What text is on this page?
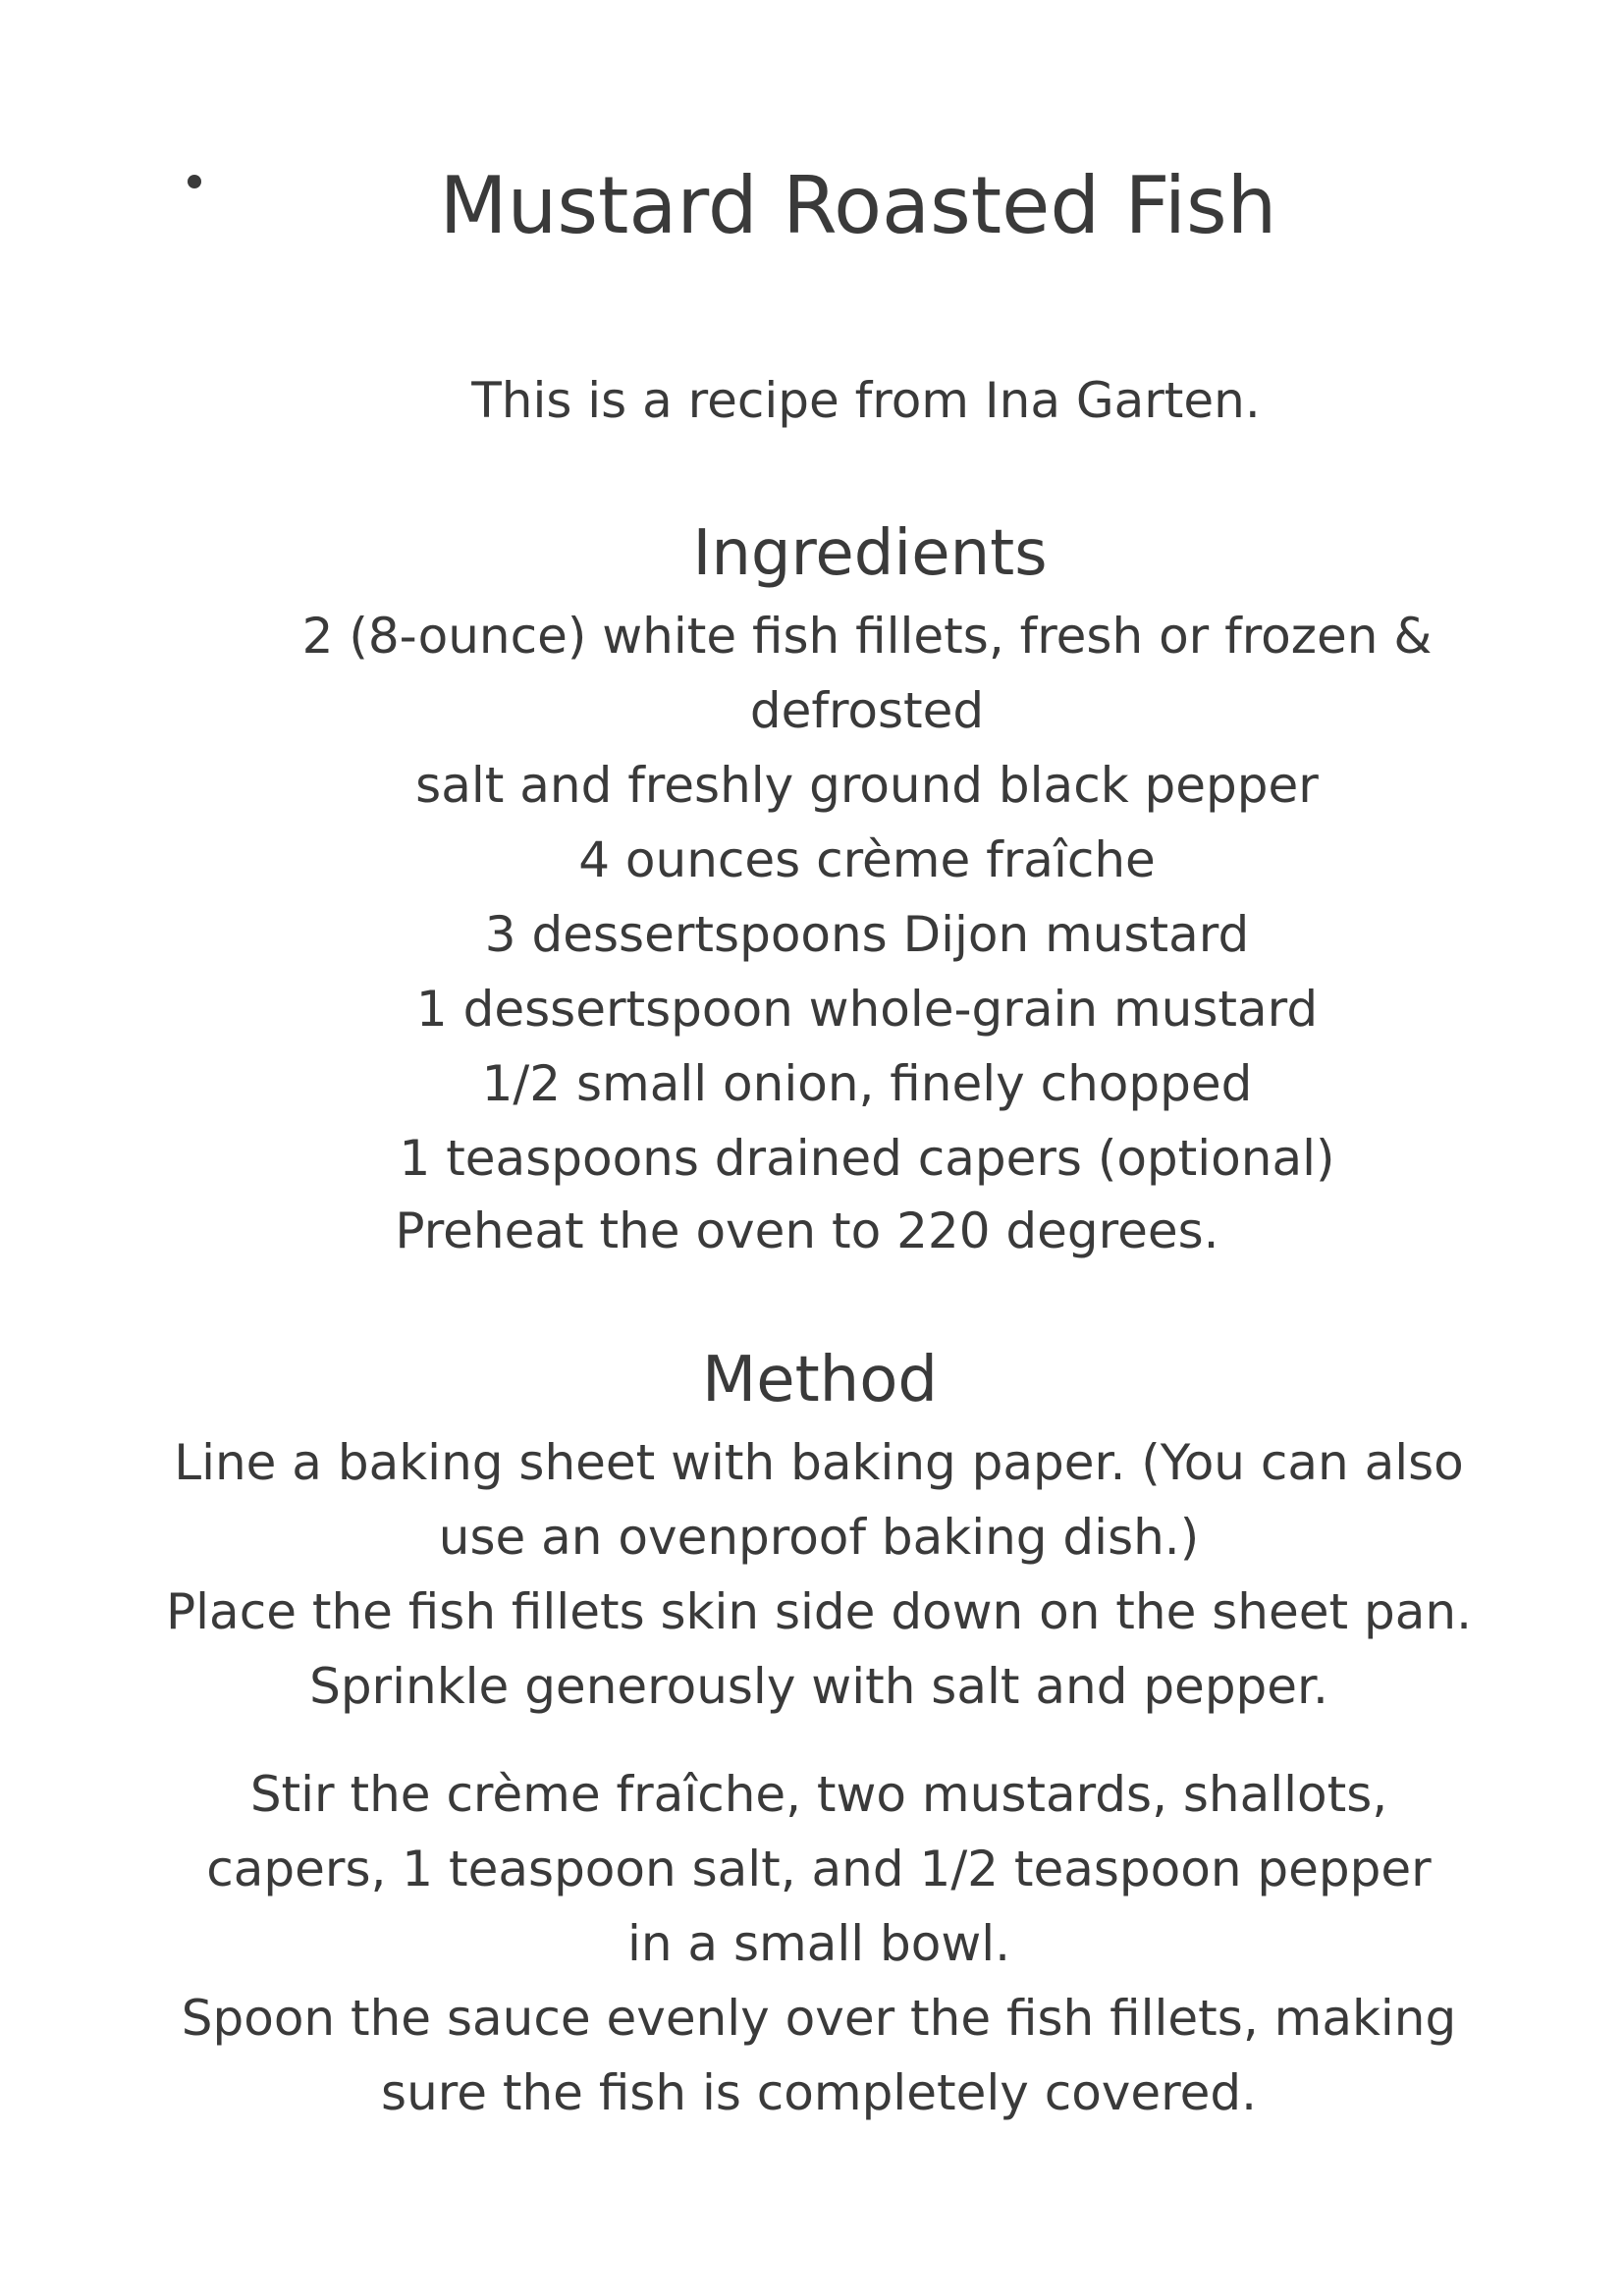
Mustard Roasted Fish
This is a recipe from Ina Garten.
Ingredients
2 (8-ounce) white fish fillets, fresh or frozen &
defrosted
salt and freshly ground black pepper
4 ounces crème fraîche
3 dessertspoons Dijon mustard
1 dessertspoon whole-grain mustard
1/2 small onion, finely chopped
1 teaspoons drained capers (optional)
Preheat the oven to 220 degrees.
Method
Line a baking sheet with baking paper. (You can also
use an ovenproof baking dish.)
Place the fish fillets skin side down on the sheet pan.
Sprinkle generously with salt and pepper.
Stir the crème fraîche, two mustards, shallots,
capers, 1 teaspoon salt, and 1/2 teaspoon pepper
in a small bowl.
Spoon the sauce evenly over the fish fillets, making
sure the fish is completely covered.
